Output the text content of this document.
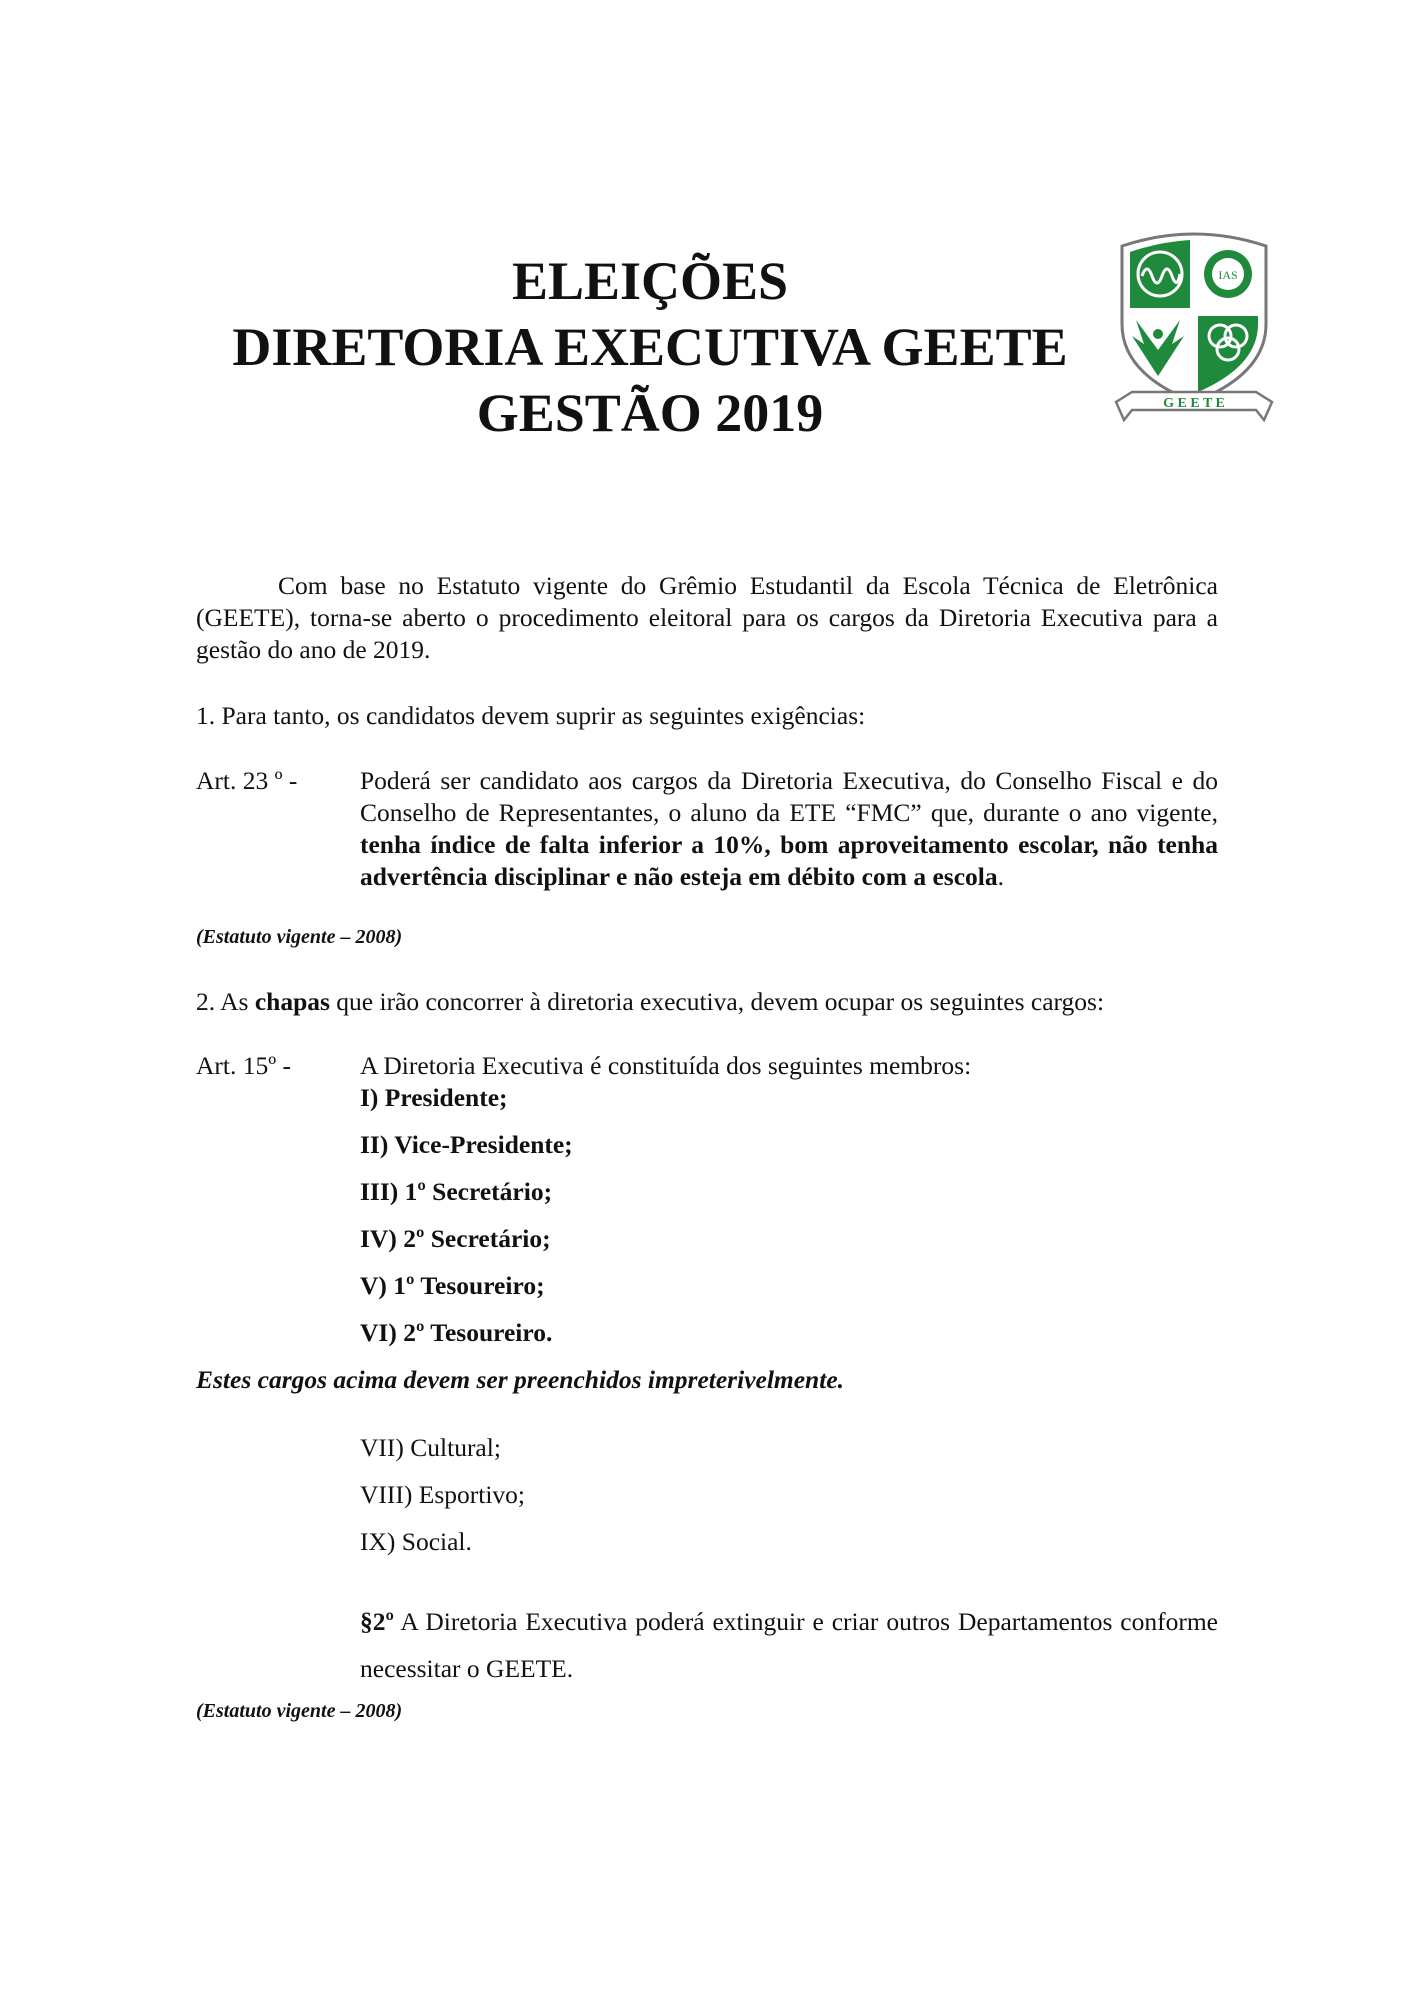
ELEIÇÕES
DIRETORIA EXECUTIVA GEETE
GESTÃO 2019
IAS
G E E T E

Com base no Estatuto vigente do Grêmio Estudantil da Escola Técnica de Eletrônica (GEETE), torna-se aberto o procedimento eleitoral para os cargos da Diretoria Executiva para a gestão do ano de 2019.

1. Para tanto, os candidatos devem suprir as seguintes exigências:

Art. 23 º - Poderá ser candidato aos cargos da Diretoria Executiva, do Conselho Fiscal e do Conselho de Representantes, o aluno da ETE “FMC” que, durante o ano vigente, tenha índice de falta inferior a 10%, bom aproveitamento escolar, não tenha advertência disciplinar e não esteja em débito com a escola.

(Estatuto vigente – 2008)

2. As chapas que irão concorrer à diretoria executiva, devem ocupar os seguintes cargos:

Art. 15º -	A Diretoria Executiva é constituída dos seguintes membros:

I) Presidente;

II) Vice-Presidente;

III) 1º Secretário;

IV) 2º Secretário;

V) 1º Tesoureiro;

VI) 2º Tesoureiro.

Estes cargos acima devem ser preenchidos impreterivelmente.

VII) Cultural;

VIII) Esportivo;

IX) Social.

§2º A Diretoria Executiva poderá extinguir e criar outros Departamentos conforme necessitar o GEETE.

(Estatuto vigente – 2008)
